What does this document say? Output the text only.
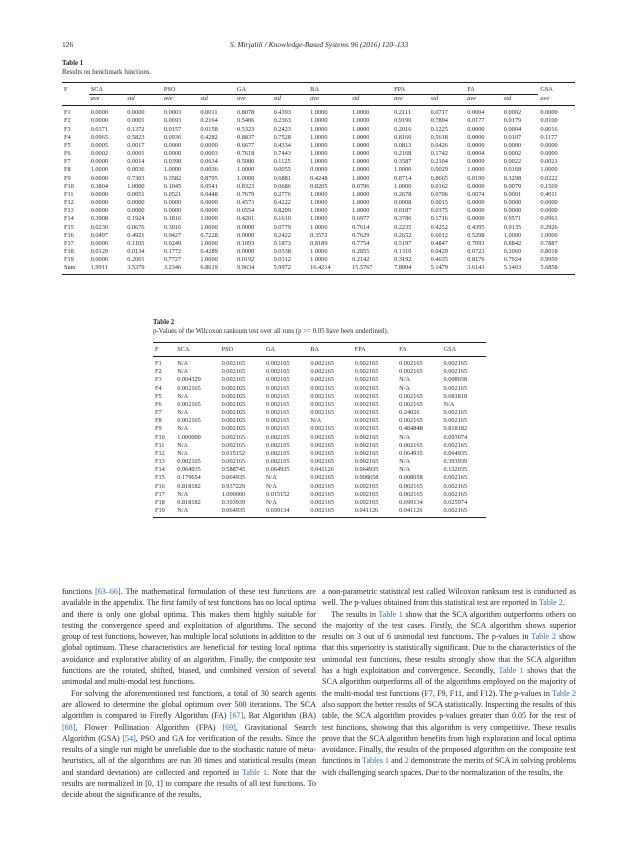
126	S. Mirjalili / Knowledge-Based Systems 96 (2016) 120–133
Table 1
Results on benchmark functions.
F	SCA		PSO		GA		BA		FPA		FA		GSA
	ave	std	ave	std	ave	std	ave	std	ave	std	ave	std	ave
F1	0.0000	0.0000	0.0003	0.0011	0.8078	0.4393	1.0000	1.0000	0.2111	0.0717	0.0004	0.0002	0.0000
F2	0.0000	0.0001	0.0693	0.2164	0.5406	0.2363	1.0000	1.0000	0.9190	0.7804	0.0177	0.0179	0.0100
F3	0.0371	0.1372	0.0157	0.0158	0.5323	0.2423	1.0000	1.0000	0.2016	0.1225	0.0000	0.0004	0.0016
F4	0.0965	0.5823	0.0936	0.4282	0.8837	0.7528	1.0000	1.0000	0.8160	0.5618	0.0000	0.0107	0.1177
F5	0.0005	0.0017	0.0000	0.0000	0.6677	0.4334	1.0000	1.0000	0.0813	0.0426	0.0000	0.0000	0.0000
F6	0.0002	0.0001	0.0000	0.0003	0.7618	0.7443	1.0000	1.0000	0.2168	0.1742	0.0004	0.0002	0.0000
F7	0.0000	0.0014	0.0398	0.0634	0.5080	0.1125	1.0000	1.0000	0.3587	0.2104	0.0009	0.0022	0.0021
F8	1.0000	0.0036	1.0000	0.0036	1.0000	0.0055	0.0000	1.0000	1.0000	0.0029	1.0000	0.0168	1.0000
F9	0.0000	0.7303	0.3582	0.8795	1.0000	0.6881	0.4248	1.0000	0.8714	0.8665	0.0190	0.3298	0.0222
F10	0.3804	1.0000	0.1045	0.0541	0.8323	0.0686	0.8205	0.0796	1.0000	0.0162	0.0000	0.0079	0.1569
F11	0.0000	0.0051	0.0521	0.0448	0.7679	0.2776	1.0000	1.0000	0.2678	0.0706	0.0074	0.0001	0.4011
F12	0.0000	0.0000	0.0000	0.0000	0.4573	0.4222	1.0000	1.0000	0.0008	0.0015	0.0000	0.0000	0.0000
F13	0.0000	0.0000	0.0000	0.0000	0.6554	0.8209	1.0000	1.0000	0.0187	0.0375	0.0000	0.0000	0.0000
F14	0.3908	0.1924	0.1816	1.0000	0.4201	0.1610	1.0000	0.6977	0.3786	0.1716	0.0000	0.9571	0.0961
F15	0.0230	0.0676	0.3016	1.0000	0.0000	0.0779	1.0000	0.7614	0.2235	0.4252	0.4395	0.9135	0.2926
F16	0.0497	0.4921	0.0427	0.7228	0.0000	0.2422	0.3572	0.7629	0.2652	0.6012	0.5298	1.0000	1.0000
F17	0.0000	0.1105	0.0249	1.0000	0.1093	0.1873	0.8189	0.7754	0.5197	0.4847	0.7093	0.8842	0.7887
F18	0.0129	0.0134	0.1772	0.4289	0.0000	0.0538	1.0000	0.2855	0.1310	0.0429	0.0723	0.2069	0.8018
F19	0.0000	0.2001	0.7727	1.0000	0.0192	0.0312	1.0000	0.2142	0.3192	0.4635	0.8176	0.7924	0.9950
Sum	1.9911	3.5379	3.2346	6.8619	9.9634	5.9972	16.4214	15.5767	7.8004	5.1479	3.6143	5.1403	5.6858
Table 2
p-Values of the Wilcoxon ranksum test over all runs (p >= 0.05 have been underlined).
F	SCA	PSO	GA	BA	FPA	FA	GSA
F1	N/A	0.002165	0.002165	0.002165	0.002165	0.002165	0.002165
F2	N/A	0.002165	0.002165	0.002165	0.002165	0.002165	0.002165
F3	0.004329	0.002165	0.002165	0.002165	0.002165	N/A	0.008658
F4	0.002165	0.002165	0.002165	0.002165	0.002165	N/A	0.002165
F5	N/A	0.002165	0.002165	0.002165	0.002165	0.002165	0.681818
F6	0.002165	0.002165	0.002165	0.002165	0.002165	0.002165	N/A
F7	N/A	0.002165	0.002165	0.002165	0.002165	0.24026	0.002165
F8	0.002165	0.002165	0.002165	N/A	0.002165	0.002165	0.002165
F9	N/A	0.002165	0.002165	0.002165	0.002165	0.484848	0.818182
F10	1.000000	0.002165	0.002165	0.002165	0.002165	N/A	0.093074
F11	N/A	0.002165	0.002165	0.002165	0.002165	0.002165	0.002165
F12	N/A	0.015152	0.002165	0.002165	0.002165	0.064935	0.064935
F13	0.002165	0.002165	0.002165	0.002165	0.002165	N/A	0.393939
F14	0.064935	0.588745	0.064935	0.041126	0.064935	N/A	0.132035
F15	0.179654	0.064935	N/A	0.002165	0.008658	0.008658	0.002165
F16	0.818182	0.937229	N/A	0.002165	0.002165	0.002165	0.002165
F17	N/A	1.000000	0.015152	0.002165	0.002165	0.002165	0.002165
F18	0.818182	0.393939	N/A	0.002165	0.002165	0.699134	0.025974
F19	N/A	0.064935	0.699134	0.002165	0.041126	0.041126	0.002165

functions [63–66]. The mathematical formulation of these test functions are available in the appendix. The first family of test functions has no local optima and there is only one global optima. This makes them highly suitable for testing the convergence speed and exploitation of algorithms. The second group of test functions, however, has multiple local solutions in addition to the global optimum. These characteristics are beneficial for testing local optima avoidance and explorative ability of an algorithm. Finally, the composite test functions are the rotated, shifted, biased, and combined version of several unimodal and multi-modal test functions.

For solving the aforementioned test functions, a total of 30 search agents are allowed to determine the global optimum over 500 iterations. The SCA algorithm is compared to Firefly Algorithm (FA) [67], Bat Algorithm (BA) [68], Flower Pollination Algorithm (FPA) [69], Gravitational Search Algorithm (GSA) [54], PSO and GA for verification of the results. Since the results of a single run might be unreliable due to the stochastic nature of meta-heuristics, all of the algorithms are run 30 times and statistical results (mean and standard deviation) are collected and reported in Table 1. Note that the results are normalized in [0, 1] to compare the results of all test functions. To decide about the significance of the results,

a non-parametric statistical test called Wilcoxon ranksum test is conducted as well. The p-values obtained from this statistical test are reported in Table 2.

The results in Table 1 show that the SCA algorithm outperforms others on the majority of the test cases. Firstly, the SCA algorithm shows superior results on 3 out of 6 unimodal test functions. The p-values in Table 2 show that this superiority is statistically significant. Due to the characteristics of the unimodal test functions, these results strongly show that the SCA algorithm has a high exploitation and convergence. Secondly, Table 1 shows that the SCA algorithm outperforms all of the algorithms employed on the majority of the multi-modal test functions (F7, F9, F11, and F12). The p-values in Table 2 also support the better results of SCA statistically. Inspecting the results of this table, the SCA algorithm provides p-values greater than 0.05 for the rest of test functions, showing that this algorithm is very competitive. These results prove that the SCA algorithm benefits from high exploration and local optima avoidance. Finally, the results of the proposed algorithm on the composite test functions in Tables 1 and 2 demonstrate the merits of SCA in solving problems with challenging search spaces. Due to the normalization of the results, the
